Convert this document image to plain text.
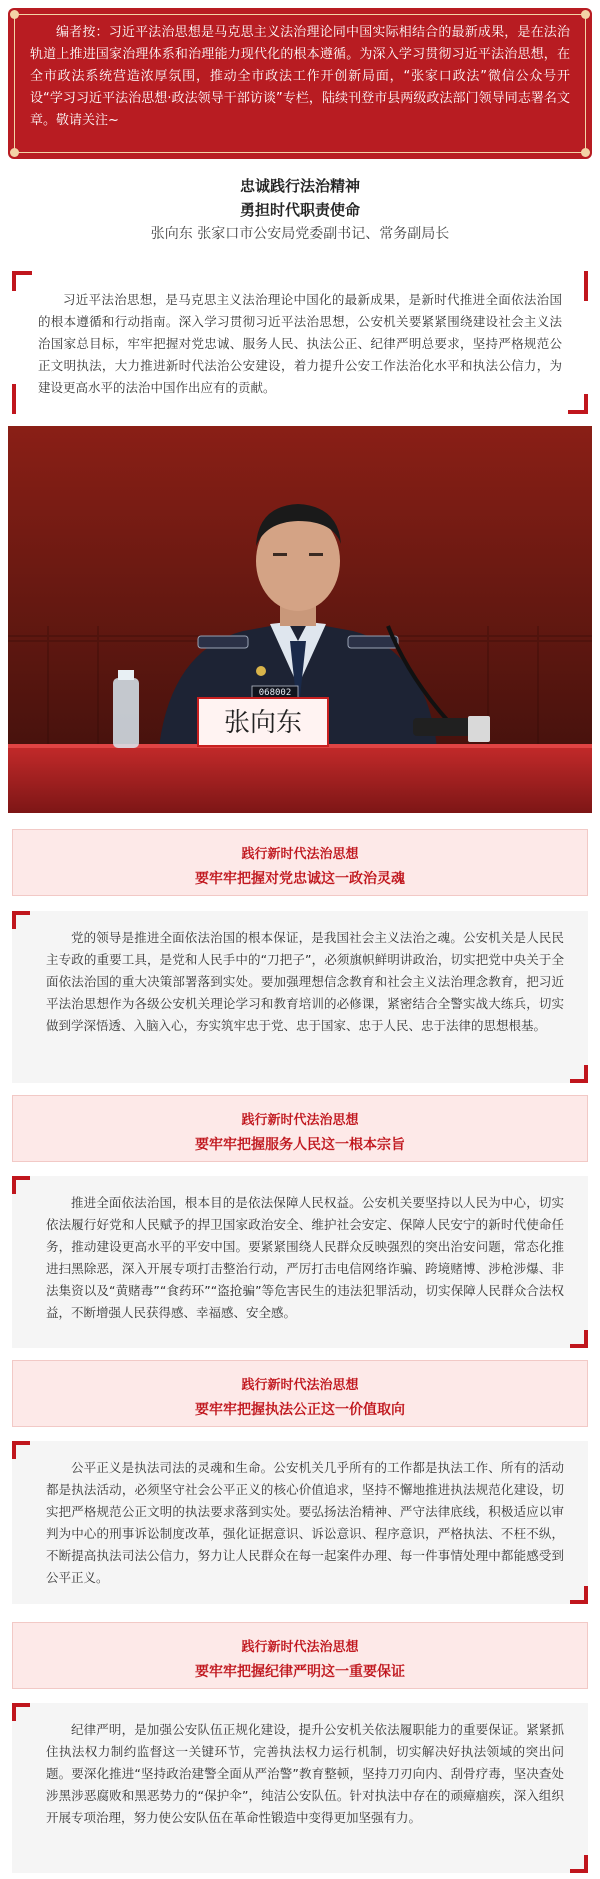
编者按：习近平法治思想是马克思主义法治理论同中国实际相结合的最新成果，是在法治轨道上推进国家治理体系和治理能力现代化的根本遵循。为深入学习贯彻习近平法治思想，在全市政法系统营造浓厚氛围，推动全市政法工作开创新局面，“张家口政法”微信公众号开设“学习习近平法治思想·政法领导干部访谈”专栏，陆续刊登市县两级政法部门领导同志署名文章。敬请关注~

忠诚践行法治精神

勇担时代职责使命

张向东 张家口市公安局党委副书记、常务副局长

习近平法治思想，是马克思主义法治理论中国化的最新成果，是新时代推进全面依法治国的根本遵循和行动指南。深入学习贯彻习近平法治思想，公安机关要紧紧围绕建设社会主义法治国家总目标，牢牢把握对党忠诚、服务人民、执法公正、纪律严明总要求，坚持严格规范公正文明执法，大力推进新时代法治公安建设，着力提升公安工作法治化水平和执法公信力，为建设更高水平的法治中国作出应有的贡献。

068002
张向东
践行新时代法治思想
要牢牢把握对党忠诚这一政治灵魂

党的领导是推进全面依法治国的根本保证，是我国社会主义法治之魂。公安机关是人民民主专政的重要工具，是党和人民手中的“刀把子”，必须旗帜鲜明讲政治，切实把党中央关于全面依法治国的重大决策部署落到实处。要加强理想信念教育和社会主义法治理念教育，把习近平法治思想作为各级公安机关理论学习和教育培训的必修课，紧密结合全警实战大练兵，切实做到学深悟透、入脑入心，夯实筑牢忠于党、忠于国家、忠于人民、忠于法律的思想根基。

践行新时代法治思想
要牢牢把握服务人民这一根本宗旨

推进全面依法治国，根本目的是依法保障人民权益。公安机关要坚持以人民为中心，切实依法履行好党和人民赋予的捍卫国家政治安全、维护社会安定、保障人民安宁的新时代使命任务，推动建设更高水平的平安中国。要紧紧围绕人民群众反映强烈的突出治安问题，常态化推进扫黑除恶，深入开展专项打击整治行动，严厉打击电信网络诈骗、跨境赌博、涉枪涉爆、非法集资以及“黄赌毒”“食药环”“盗抢骗”等危害民生的违法犯罪活动，切实保障人民群众合法权益，不断增强人民获得感、幸福感、安全感。

践行新时代法治思想
要牢牢把握执法公正这一价值取向

公平正义是执法司法的灵魂和生命。公安机关几乎所有的工作都是执法工作、所有的活动都是执法活动，必须坚守社会公平正义的核心价值追求，坚持不懈地推进执法规范化建设，切实把严格规范公正文明的执法要求落到实处。要弘扬法治精神、严守法律底线，积极适应以审判为中心的刑事诉讼制度改革，强化证据意识、诉讼意识、程序意识，严格执法、不枉不纵，不断提高执法司法公信力，努力让人民群众在每一起案件办理、每一件事情处理中都能感受到公平正义。

践行新时代法治思想
要牢牢把握纪律严明这一重要保证

纪律严明，是加强公安队伍正规化建设，提升公安机关依法履职能力的重要保证。紧紧抓住执法权力制约监督这一关键环节，完善执法权力运行机制，切实解决好执法领域的突出问题。要深化推进“坚持政治建警全面从严治警”教育整顿，坚持刀刃向内、刮骨疗毒，坚决查处涉黑涉恶腐败和黑恶势力的“保护伞”，纯洁公安队伍。针对执法中存在的顽瘴痼疾，深入组织开展专项治理，努力使公安队伍在革命性锻造中变得更加坚强有力。
